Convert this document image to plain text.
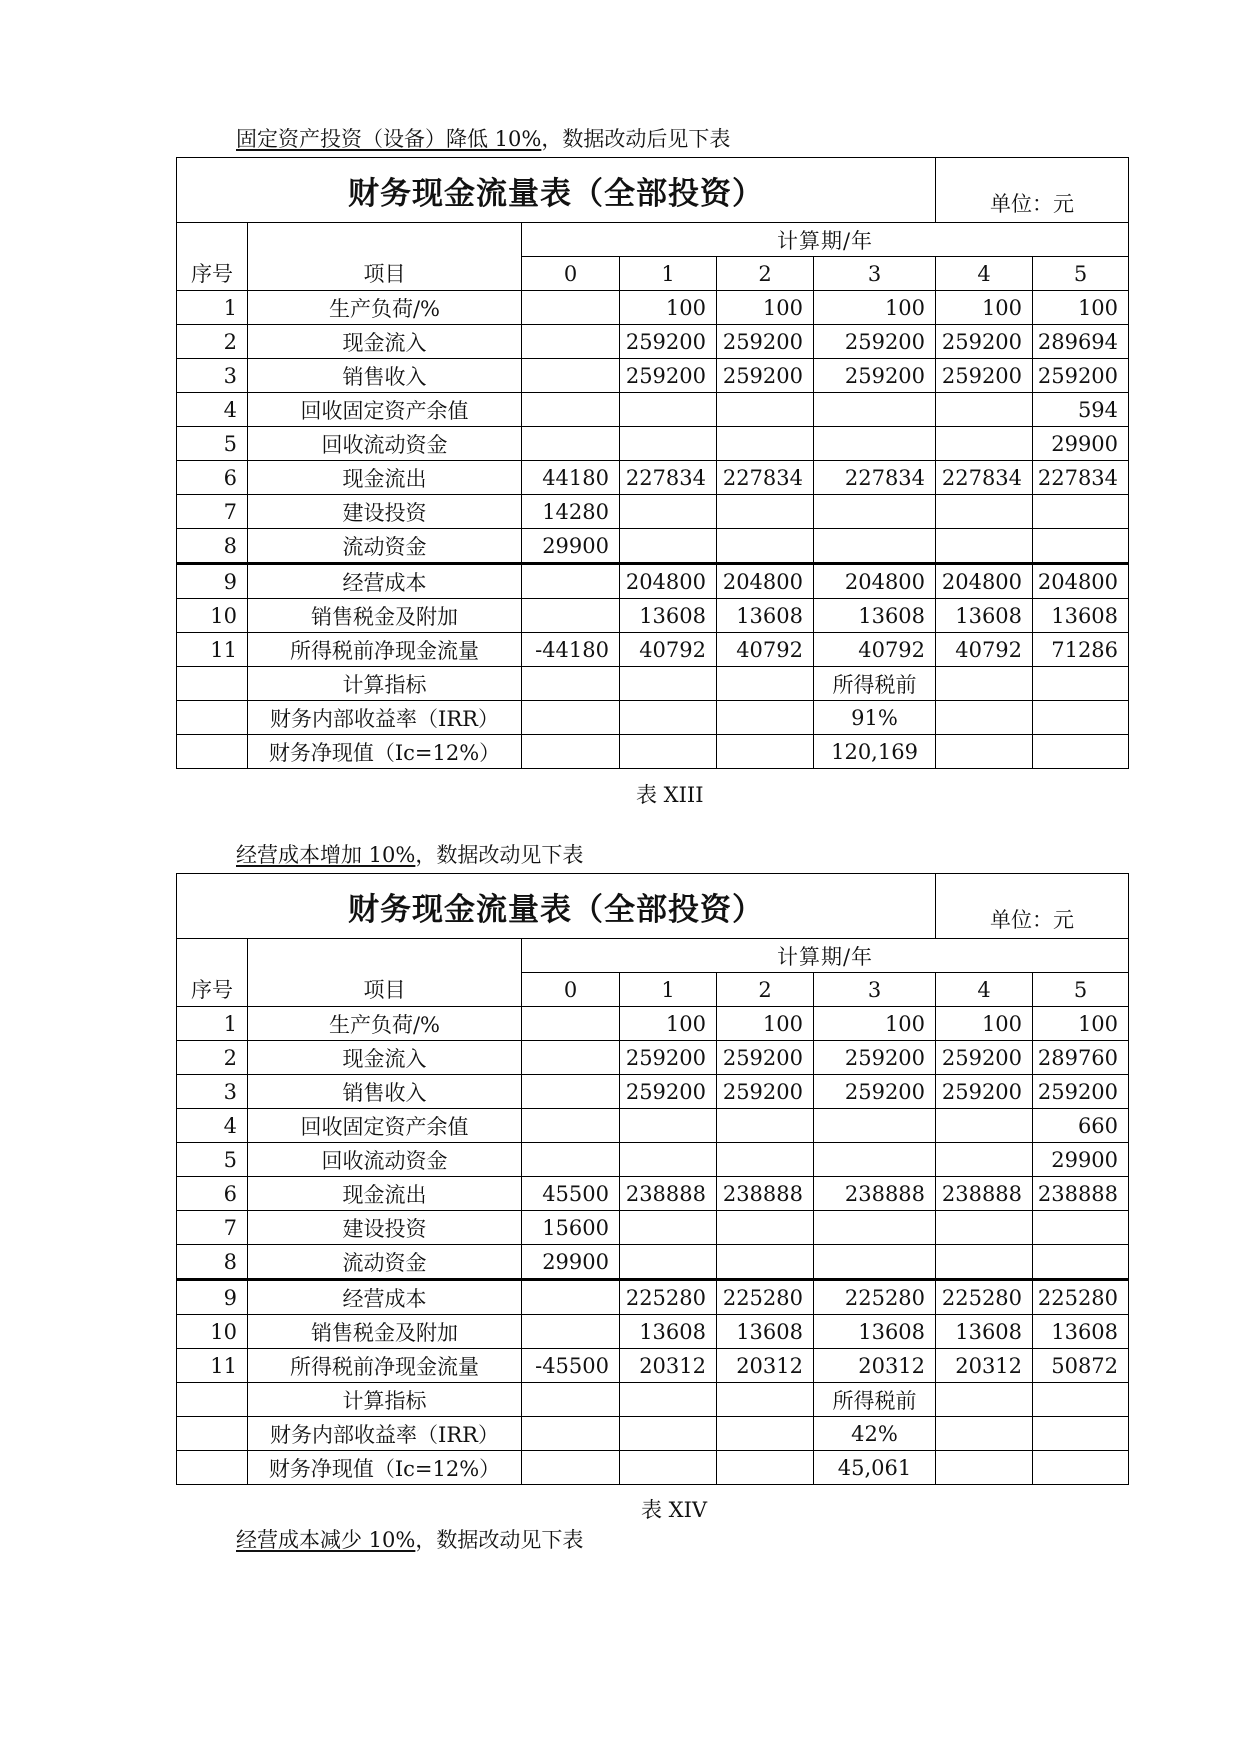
固定资产投资（设备）降低 10%，数据改动后见下表
财务现金流量表（全部投资）						单位：元	
序号	项目	计算期/年					
		0	1	2	3	4	5
1	生产负荷/%		100	100	100	100	100
2	现金流入		259200	259200	259200	259200	289694
3	销售收入		259200	259200	259200	259200	259200
4	回收固定资产余值						594
5	回收流动资金						29900
6	现金流出	44180	227834	227834	227834	227834	227834
7	建设投资	14280					
8	流动资金	29900					
9	经营成本		204800	204800	204800	204800	204800
10	销售税金及附加		13608	13608	13608	13608	13608
11	所得税前净现金流量	-44180	40792	40792	40792	40792	71286
	计算指标				所得税前		
	财务内部收益率（IRR）				91%		
	财务净现值（Ic=12%）				120,169		
表 XIII
经营成本增加 10%，数据改动见下表
财务现金流量表（全部投资）						单位：元	
序号	项目	计算期/年					
		0	1	2	3	4	5
1	生产负荷/%		100	100	100	100	100
2	现金流入		259200	259200	259200	259200	289760
3	销售收入		259200	259200	259200	259200	259200
4	回收固定资产余值						660
5	回收流动资金						29900
6	现金流出	45500	238888	238888	238888	238888	238888
7	建设投资	15600					
8	流动资金	29900					
9	经营成本		225280	225280	225280	225280	225280
10	销售税金及附加		13608	13608	13608	13608	13608
11	所得税前净现金流量	-45500	20312	20312	20312	20312	50872
	计算指标				所得税前		
	财务内部收益率（IRR）				42%		
	财务净现值（Ic=12%）				45,061		
表 XIV
经营成本减少 10%，数据改动见下表
